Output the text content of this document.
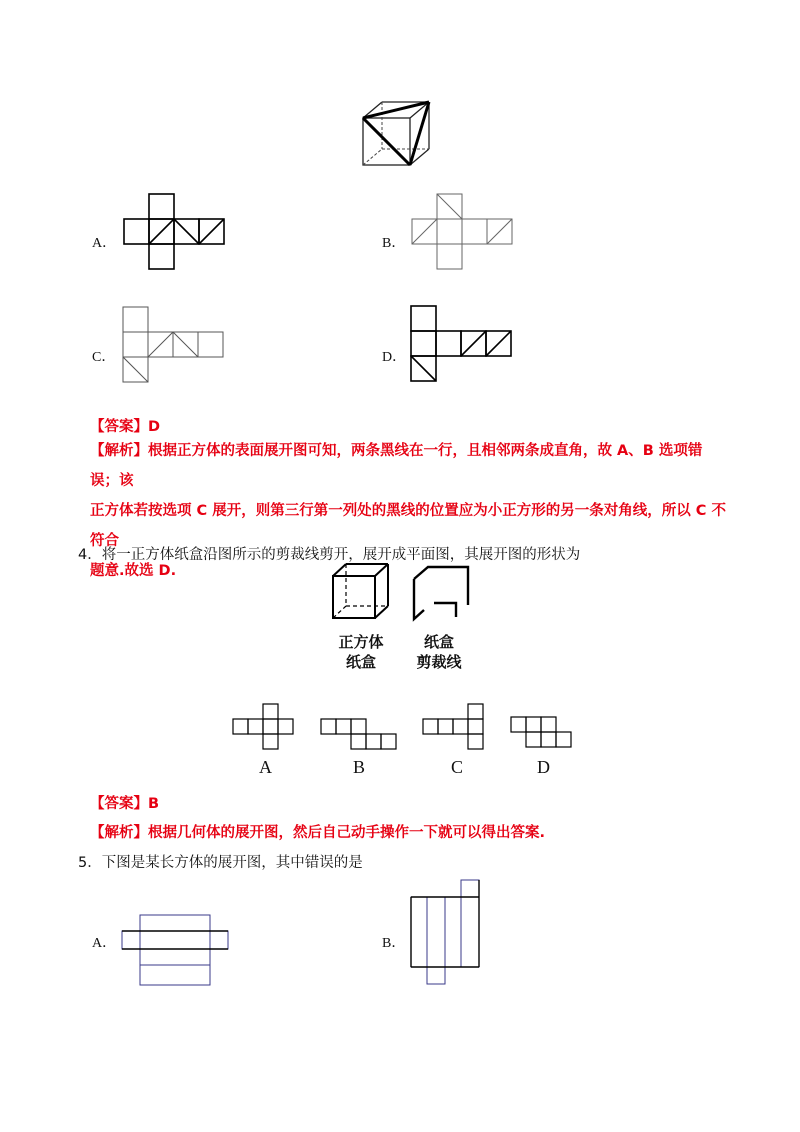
A．	B．
C．	D．
【答案】D
【解析】根据正方体的表面展开图可知，两条黑线在一行，且相邻两条成直角，故 A、B 选项错误；该
正方体若按选项 C 展开，则第三行第一列处的黑线的位置应为小正方形的另一条对角线，所以 C 不符合
题意.故选 D.
4．将一正方体纸盒沿图所示的剪裁线剪开，展开成平面图，其展开图的形状为
正方体
纸盒
纸盒
剪裁线
A	B	C	D
【答案】B
【解析】根据几何体的展开图，然后自己动手操作一下就可以得出答案.
5．下图是某长方体的展开图，其中错误的是
A．	B．
